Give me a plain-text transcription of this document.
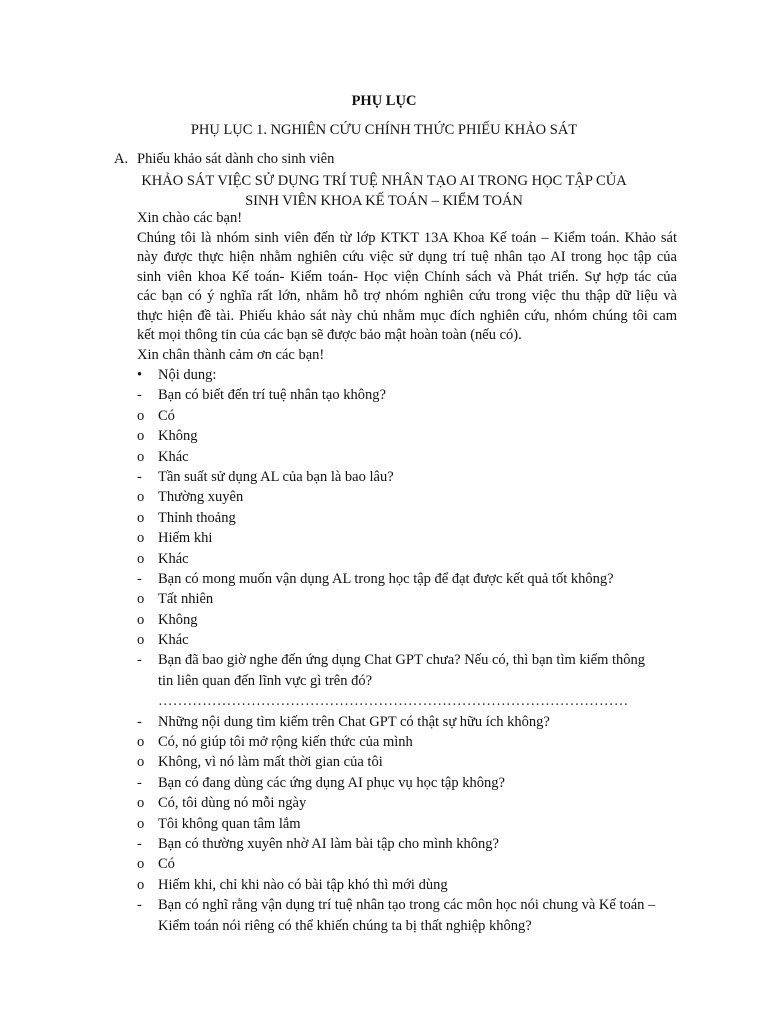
PHỤ LỤC
PHỤ LỤC 1. NGHIÊN CỨU CHÍNH THỨC PHIẾU KHẢO SÁT
A. Phiếu khảo sát dành cho sinh viên
KHẢO SÁT VIỆC SỬ DỤNG TRÍ TUỆ NHÂN TẠO AI TRONG HỌC TẬP CỦA
SINH VIÊN KHOA KẾ TOÁN – KIỂM TOÁN
Xin chào các bạn!
Chúng tôi là nhóm sinh viên đến từ lớp KTKT 13A Khoa Kế toán – Kiểm toán. Khảo sát
này được thực hiện nhằm nghiên cứu việc sử dụng trí tuệ nhân tạo AI trong học tập của
sinh viên khoa Kế toán- Kiểm toán- Học viện Chính sách và Phát triển. Sự hợp tác của
các bạn có ý nghĩa rất lớn, nhằm hỗ trợ nhóm nghiên cứu trong việc thu thập dữ liệu và
thực hiện đề tài. Phiếu khảo sát này chủ nhằm mục đích nghiên cứu, nhóm chúng tôi cam
kết mọi thông tin của các bạn sẽ được bảo mật hoàn toàn (nếu có).
Xin chân thành cảm ơn các bạn!
•	Nội dung:
-	Bạn có biết đến trí tuệ nhân tạo không?
o Có
o Không
o Khác
-	Tần suất sử dụng AL của bạn là bao lâu?
o Thường xuyên
o Thỉnh thoảng
o Hiếm khi
o Khác
-	Bạn có mong muốn vận dụng AL trong học tập để đạt được kết quả tốt không?
o Tất nhiên
o Không
o Khác
-	Bạn đã bao giờ nghe đến ứng dụng Chat GPT chưa? Nếu có, thì bạn tìm kiếm thông
tin liên quan đến lĩnh vực gì trên đó?
……………………………………………………………………………………
-	Những nội dung tìm kiếm trên Chat GPT có thật sự hữu ích không?
o Có, nó giúp tôi mở rộng kiến thức của mình
o Không, vì nó làm mất thời gian của tôi
-	Bạn có đang dùng các ứng dụng AI phục vụ học tập không?
o Có, tôi dùng nó mỗi ngày
o Tôi không quan tâm lắm
-	Bạn có thường xuyên nhờ AI làm bài tập cho mình không?
o Có
o Hiếm khi, chỉ khi nào có bài tập khó thì mới dùng
-	Bạn có nghĩ rằng vận dụng trí tuệ nhân tạo trong các môn học nói chung và Kế toán –
Kiểm toán nói riêng có thể khiến chúng ta bị thất nghiệp không?
